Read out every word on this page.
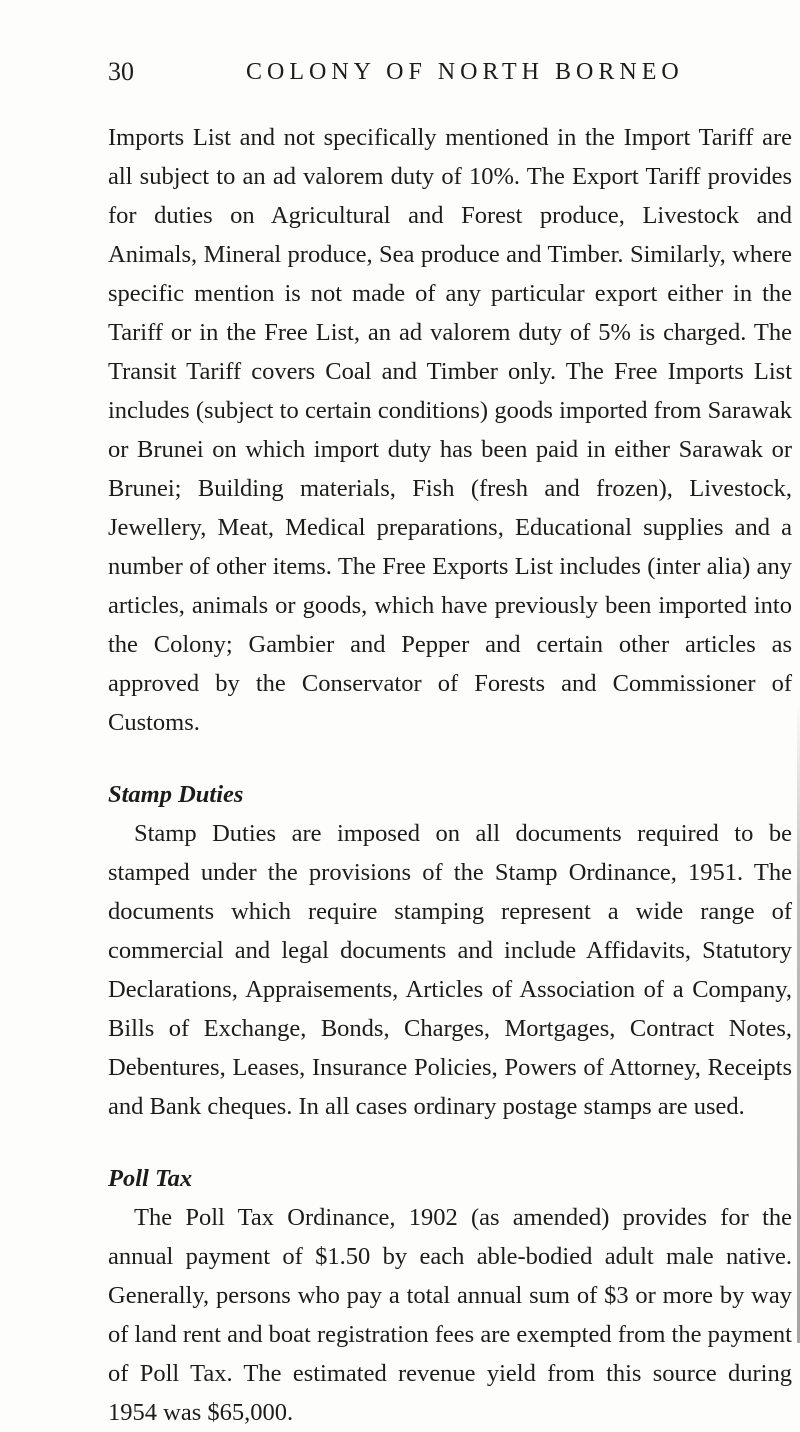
30	COLONY OF NORTH BORNEO

Imports List and not specifically mentioned in the Import Tariff are all subject to an ad valorem duty of 10%. The Export Tariff provides for duties on Agricultural and Forest produce, Livestock and Animals, Mineral produce, Sea produce and Timber. Similarly, where specific mention is not made of any particular export either in the Tariff or in the Free List, an ad valorem duty of 5% is charged. The Transit Tariff covers Coal and Timber only. The Free Imports List includes (subject to certain conditions) goods imported from Sarawak or Brunei on which import duty has been paid in either Sarawak or Brunei; Building materials, Fish (fresh and frozen), Livestock, Jewellery, Meat, Medical preparations, Educational supplies and a number of other items. The Free Exports List includes (inter alia) any articles, animals or goods, which have previously been imported into the Colony; Gambier and Pepper and certain other articles as approved by the Conservator of Forests and Commissioner of Customs.

Stamp Duties

Stamp Duties are imposed on all documents required to be stamped under the provisions of the Stamp Ordinance, 1951. The documents which require stamping represent a wide range of commercial and legal documents and include Affidavits, Statutory Declarations, Appraisements, Articles of Association of a Company, Bills of Exchange, Bonds, Charges, Mortgages, Contract Notes, Debentures, Leases, Insurance Policies, Powers of Attorney, Receipts and Bank cheques. In all cases ordinary postage stamps are used.

Poll Tax

The Poll Tax Ordinance, 1902 (as amended) provides for the annual payment of $1.50 by each able-bodied adult male native. Generally, persons who pay a total annual sum of $3 or more by way of land rent and boat registration fees are exempted from the payment of Poll Tax. The estimated revenue yield from this source during 1954 was $65,000.
